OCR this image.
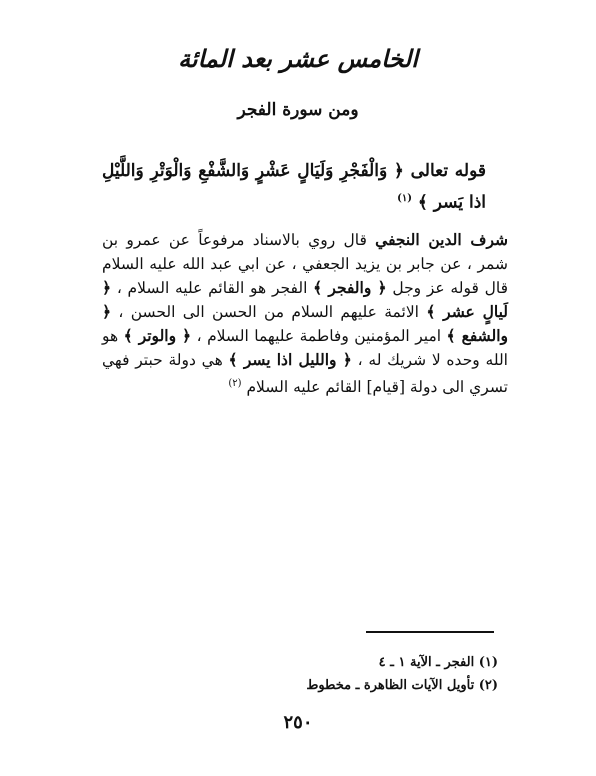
الخامس عشر بعد المائة
ومن سورة الفجر
قوله تعالى ﴿ وَالْفَجْرِ وَلَيَالٍ عَشْرٍ وَالشَّفْعِ وَالْوَتْرِ وَاللَّيْلِ اذا يَسر ﴾ $^{(١)}$
شرف الدين النجفي قال روي بالاسناد مرفوعاً عن عمرو بن شمر ، عن جابر بن يزيد الجعفي ، عن ابي عبد الله عليه السلام قال قوله عز وجل ﴿ والفجر ﴾ الفجر هو القائم عليه السلام ، ﴿ لَيالٍ عشر ﴾ الائمة عليهم السلام من الحسن الى الحسن ، ﴿ والشفع ﴾ امير المؤمنين وفاطمة عليهما السلام ، ﴿ والوتر ﴾ هو الله وحده لا شريك له ، ﴿ والليل اذا يسر ﴾ هي دولة حبتر فهي تسري الى دولة [قيام] القائم عليه السلام $^{(٢)}$
(١) الفجر ـ الآية ١ ـ ٤
(٢) تأويل الآيات الظاهرة ـ مخطوط
٢٥٠
